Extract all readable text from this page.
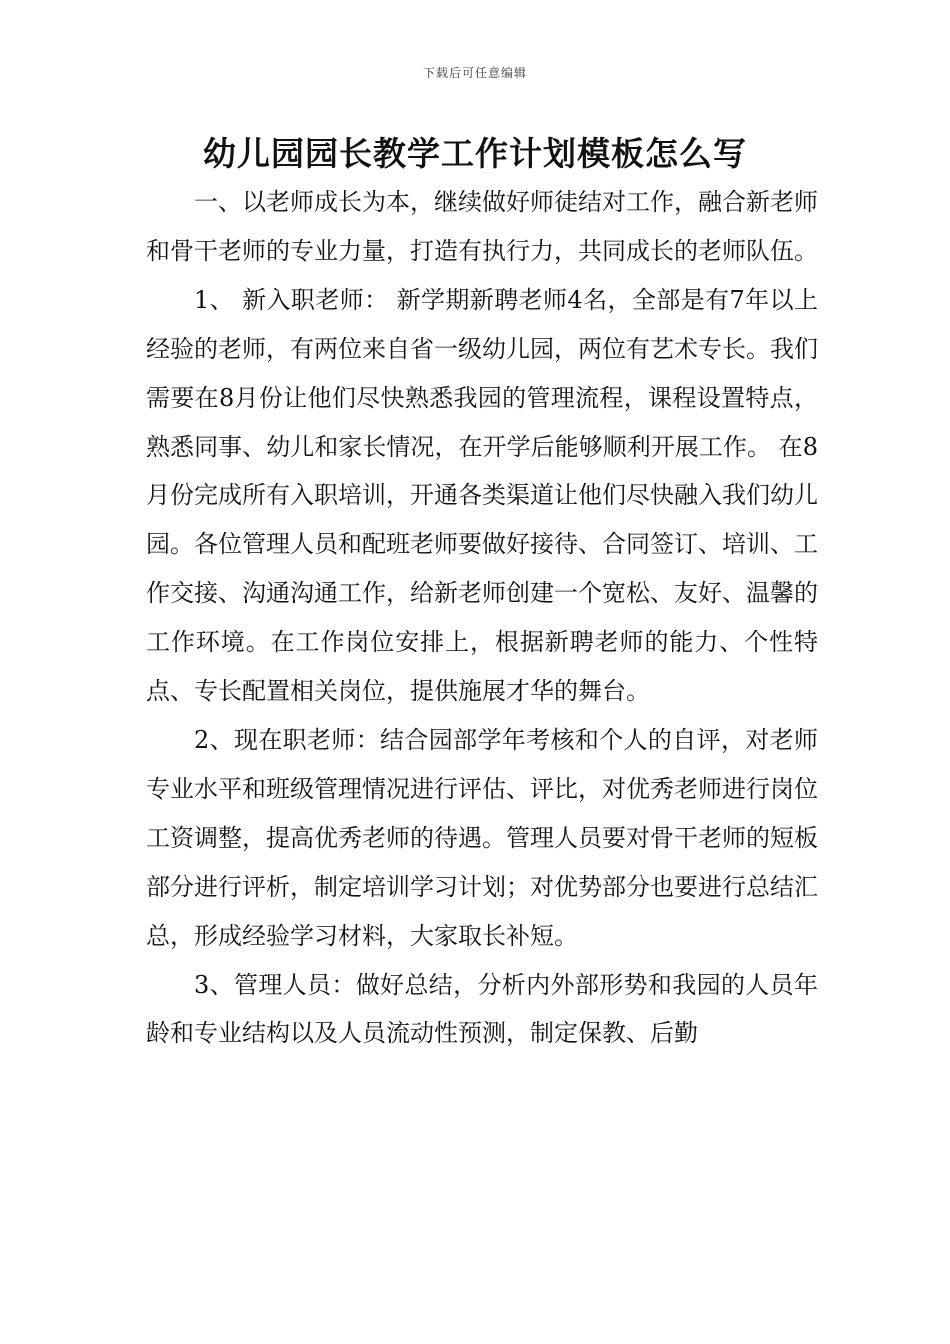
下载后可任意编辑
幼儿园园长教学工作计划模板怎么写

一、以老师成长为本，继续做好师徒结对工作，融合新老师和骨干老师的专业力量，打造有执行力，共同成长的老师队伍。

1、 新入职老师： 新学期新聘老师4名，全部是有7年以上经验的老师，有两位来自省一级幼儿园，两位有艺术专长。我们需要在8月份让他们尽快熟悉我园的管理流程，课程设置特点，熟悉同事、幼儿和家长情况，在开学后能够顺利开展工作。 在8月份完成所有入职培训，开通各类渠道让他们尽快融入我们幼儿园。各位管理人员和配班老师要做好接待、合同签订、培训、工作交接、沟通沟通工作，给新老师创建一个宽松、友好、温馨的工作环境。在工作岗位安排上，根据新聘老师的能力、个性特点、专长配置相关岗位，提供施展才华的舞台。

2、现在职老师：结合园部学年考核和个人的自评，对老师专业水平和班级管理情况进行评估、评比，对优秀老师进行岗位工资调整，提高优秀老师的待遇。管理人员要对骨干老师的短板部分进行评析，制定培训学习计划；对优势部分也要进行总结汇总，形成经验学习材料，大家取长补短。

3、管理人员：做好总结，分析内外部形势和我园的人员年龄和专业结构以及人员流动性预测，制定保教、后勤
